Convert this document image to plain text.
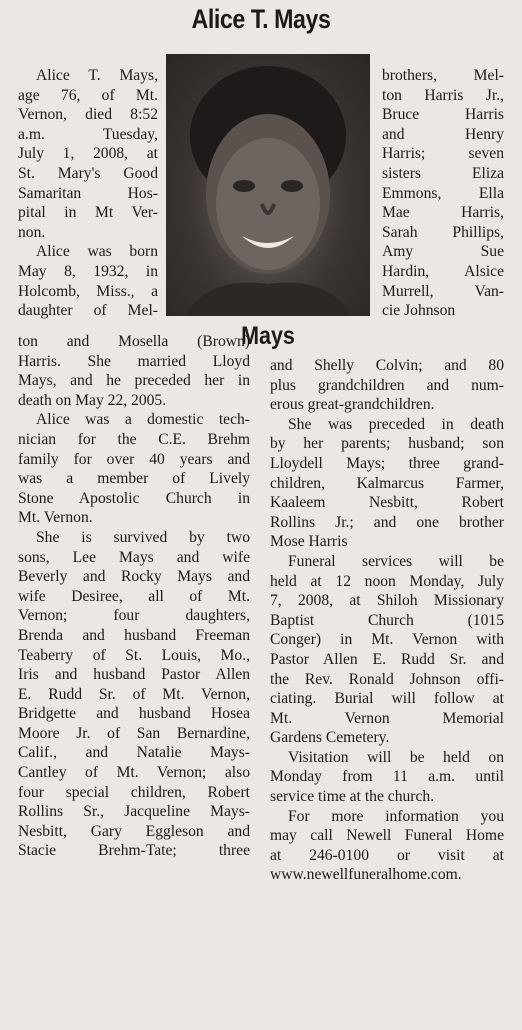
Alice T. Mays
Mays
Alice T. Mays,
age 76, of Mt.
Vernon, died 8:52
a.m. Tuesday,
July 1, 2008, at
St. Mary's Good
Samaritan Hos-
pital in Mt Ver-
non.
Alice was born
May 8, 1932, in
Holcomb, Miss., a
daughter of Mel-
ton and Mosella (Brown)
Harris. She married Lloyd
Mays, and he preceded her in
death on May 22, 2005.
Alice was a domestic tech-
nician for the C.E. Brehm
family for over 40 years and
was a member of Lively
Stone Apostolic Church in
Mt. Vernon.
She is survived by two
sons, Lee Mays and wife
Beverly and Rocky Mays and
wife Desiree, all of Mt.
Vernon; four daughters,
Brenda and husband Freeman
Teaberry of St. Louis, Mo.,
Iris and husband Pastor Allen
E. Rudd Sr. of Mt. Vernon,
Bridgette and husband Hosea
Moore Jr. of San Bernardine,
Calif., and Natalie Mays-
Cantley of Mt. Vernon; also
four special children, Robert
Rollins Sr., Jacqueline Mays-
Nesbitt, Gary Eggleson and
Stacie Brehm-Tate; three
brothers, Mel-
ton Harris Jr.,
Bruce Harris
and Henry
Harris; seven
sisters Eliza
Emmons, Ella
Mae Harris,
Sarah Phillips,
Amy Sue
Hardin, Alsice
Murrell, Van-
cie Johnson
and Shelly Colvin; and 80
plus grandchildren and num-
erous great-grandchildren.
She was preceded in death
by her parents; husband; son
Lloydell Mays; three grand-
children, Kalmarcus Farmer,
Kaaleem Nesbitt, Robert
Rollins Jr.; and one brother
Mose Harris
Funeral services will be
held at 12 noon Monday, July
7, 2008, at Shiloh Missionary
Baptist Church (1015
Conger) in Mt. Vernon with
Pastor Allen E. Rudd Sr. and
the Rev. Ronald Johnson offi-
ciating. Burial will follow at
Mt. Vernon Memorial
Gardens Cemetery.
Visitation will be held on
Monday from 11 a.m. until
service time at the church.
For more information you
may call Newell Funeral Home
at 246-0100 or visit at
www.newellfuneralhome.com.
